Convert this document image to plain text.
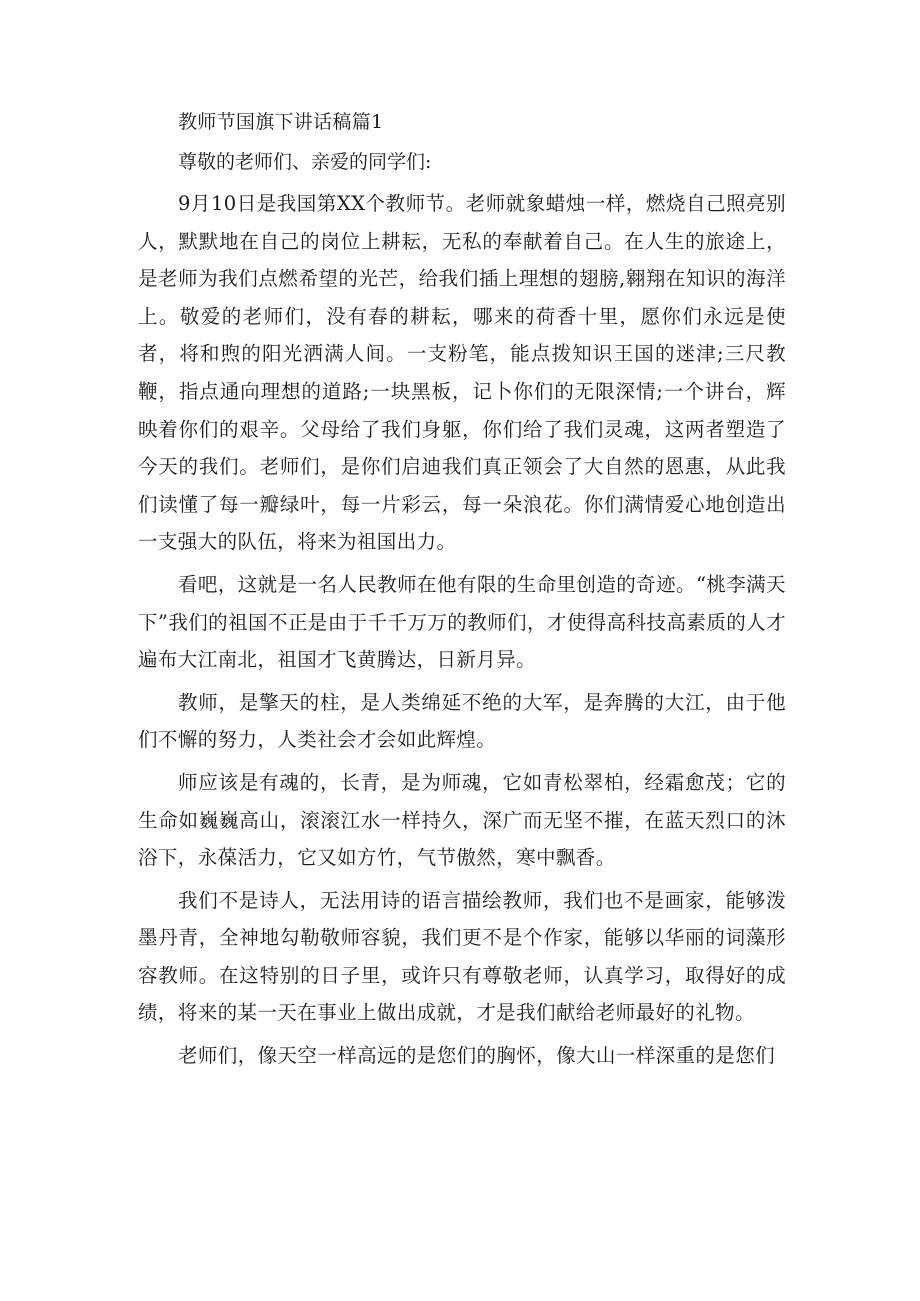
教师节国旗下讲话稿篇1

尊敬的老师们、亲爱的同学们:

9月10日是我国第XX个教师节。老师就象蜡烛一样，燃烧自己照亮别人，默默地在自己的岗位上耕耘，无私的奉献着自己。在人生的旅途上，是老师为我们点燃希望的光芒，给我们插上理想的翅膀,翱翔在知识的海洋上。敬爱的老师们，没有春的耕耘，哪来的荷香十里，愿你们永远是使者，将和煦的阳光洒满人间。一支粉笔，能点拨知识王国的迷津;三尺教鞭，指点通向理想的道路;一块黑板，记卜你们的无限深情;一个讲台，辉映着你们的艰辛。父母给了我们身躯，你们给了我们灵魂，这两者塑造了今天的我们。老师们，是你们启迪我们真正领会了大自然的恩惠，从此我们读懂了每一瓣绿叶，每一片彩云，每一朵浪花。你们满情爱心地创造出一支强大的队伍，将来为祖国出力。

看吧，这就是一名人民教师在他有限的生命里创造的奇迹。“桃李满天下”我们的祖国不正是由于千千万万的教师们，才使得高科技高素质的人才遍布大江南北，祖国才飞黄腾达，日新月异。

教师，是擎天的柱，是人类绵延不绝的大军，是奔腾的大江，由于他们不懈的努力，人类社会才会如此辉煌。

师应该是有魂的，长青，是为师魂，它如青松翠柏，经霜愈茂；它的生命如巍巍高山，滚滚江水一样持久，深广而无坚不摧，在蓝天烈口的沐浴下，永葆活力，它又如方竹，气节傲然，寒中飘香。

我们不是诗人，无法用诗的语言描绘教师，我们也不是画家，能够泼墨丹青，全神地勾勒敬师容貌，我们更不是个作家，能够以华丽的词藻形容教师。在这特别的日子里，或许只有尊敬老师，认真学习，取得好的成绩，将来的某一天在事业上做出成就，才是我们献给老师最好的礼物。

老师们，像天空一样高远的是您们的胸怀，像大山一样深重的是您们
